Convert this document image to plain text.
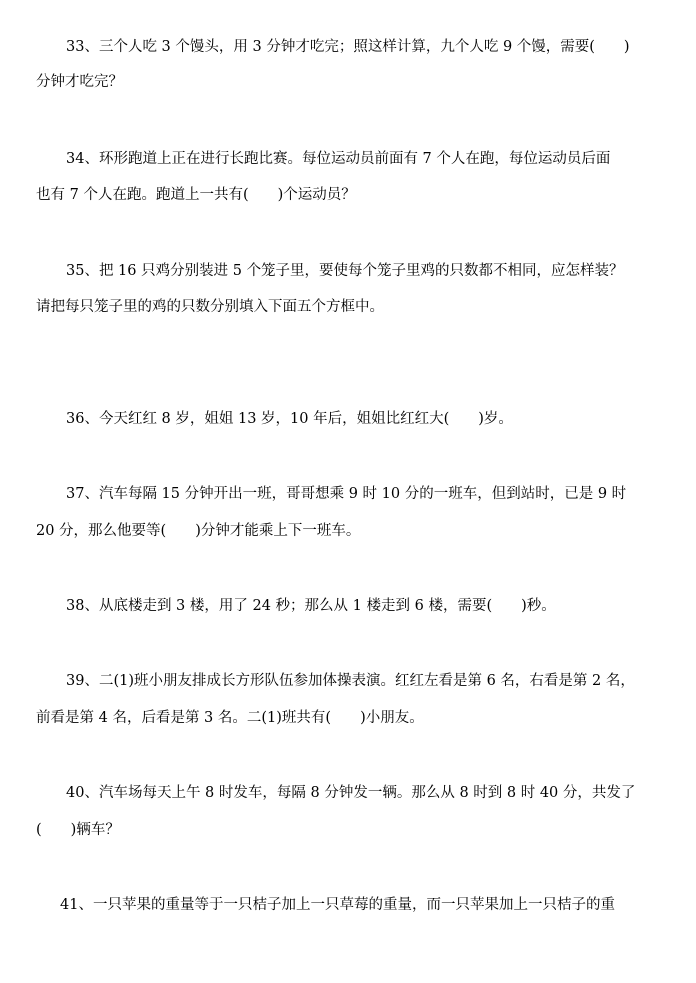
33、三个人吃 3 个馒头，用 3 分钟才吃完；照这样计算，九个人吃 9 个馒，需要(　　)

分钟才吃完？

34、环形跑道上正在进行长跑比赛。每位运动员前面有 7 个人在跑，每位运动员后面

也有 7 个人在跑。跑道上一共有(　　)个运动员？

35、把 16 只鸡分别装进 5 个笼子里，要使每个笼子里鸡的只数都不相同，应怎样装？

请把每只笼子里的鸡的只数分别填入下面五个方框中。

36、今天红红 8 岁，姐姐 13 岁，10 年后，姐姐比红红大(　　)岁。

37、汽车每隔 15 分钟开出一班，哥哥想乘 9 时 10 分的一班车，但到站时，已是 9 时

20 分，那么他要等(　　)分钟才能乘上下一班车。

38、从底楼走到 3 楼，用了 24 秒；那么从 1 楼走到 6 楼，需要(　　)秒。

39、二(1)班小朋友排成长方形队伍参加体操表演。红红左看是第 6 名，右看是第 2 名，

前看是第 4 名，后看是第 3 名。二(1)班共有(　　)小朋友。

40、汽车场每天上午 8 时发车，每隔 8 分钟发一辆。那么从 8 时到 8 时 40 分，共发了

(　　)辆车？

41、一只苹果的重量等于一只桔子加上一只草莓的重量，而一只苹果加上一只桔子的重
